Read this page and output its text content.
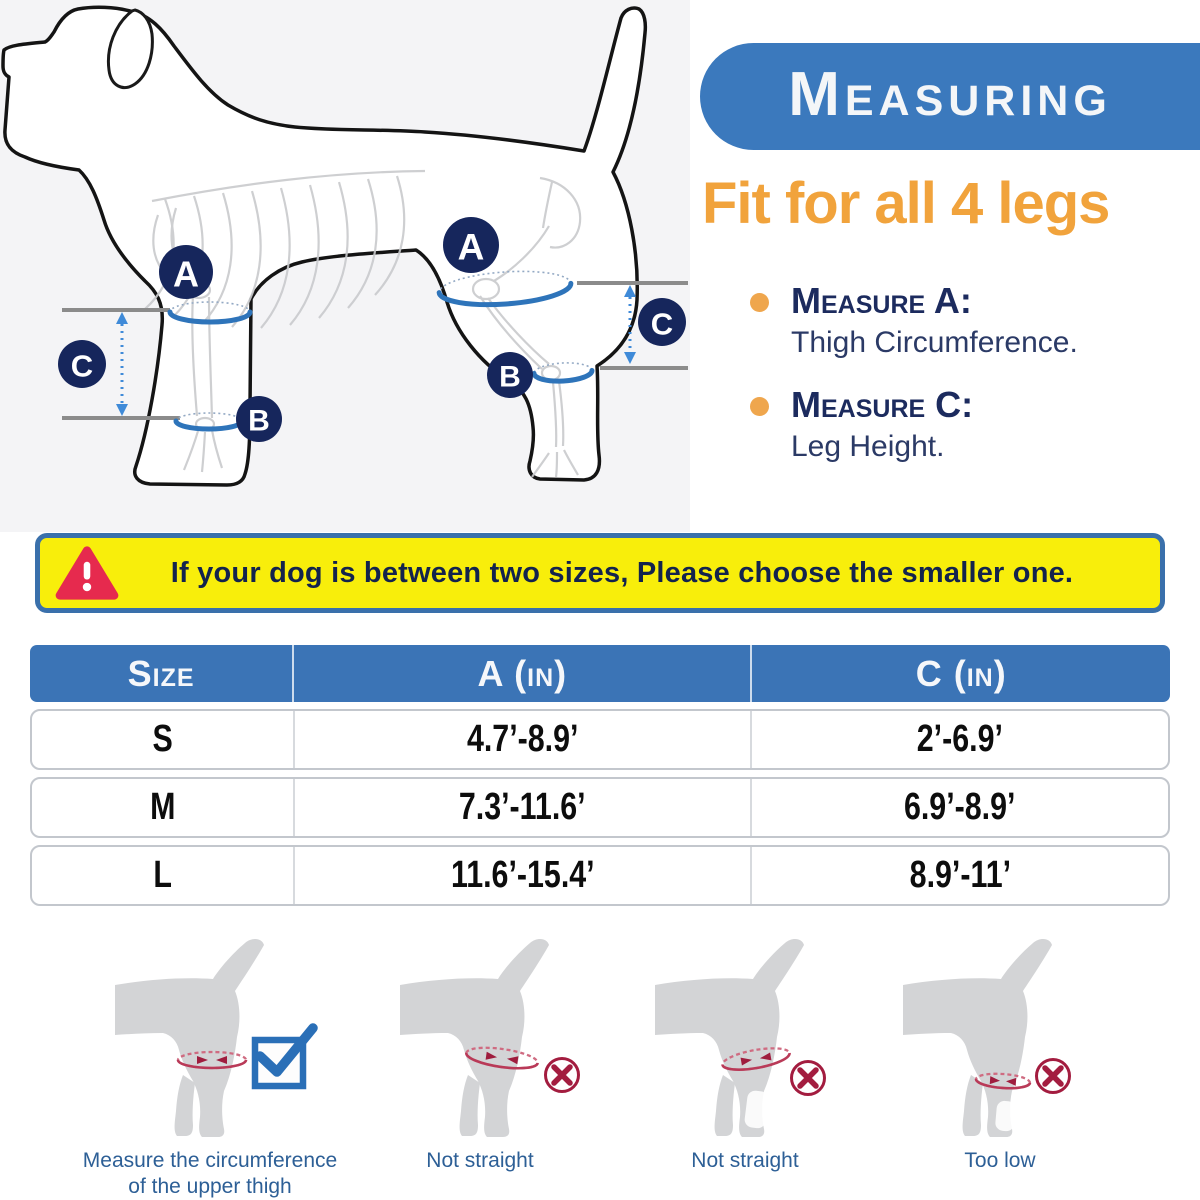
A
B
C
A
B
C
Measuring
Fit for all 4 legs
Measure A:
Thigh Circumference.
Measure C:
Leg Height.
If your dog is between two sizes, Please choose the smaller one.
Size	A (in)	C (in)
S	4.7’-8.9’	2’-6.9’
M	7.3’-11.6’	6.9’-8.9’
L	11.6’-15.4’	8.9’-11’
Measure the circumference of the upper thigh
Not straight	Not straight	Too low
